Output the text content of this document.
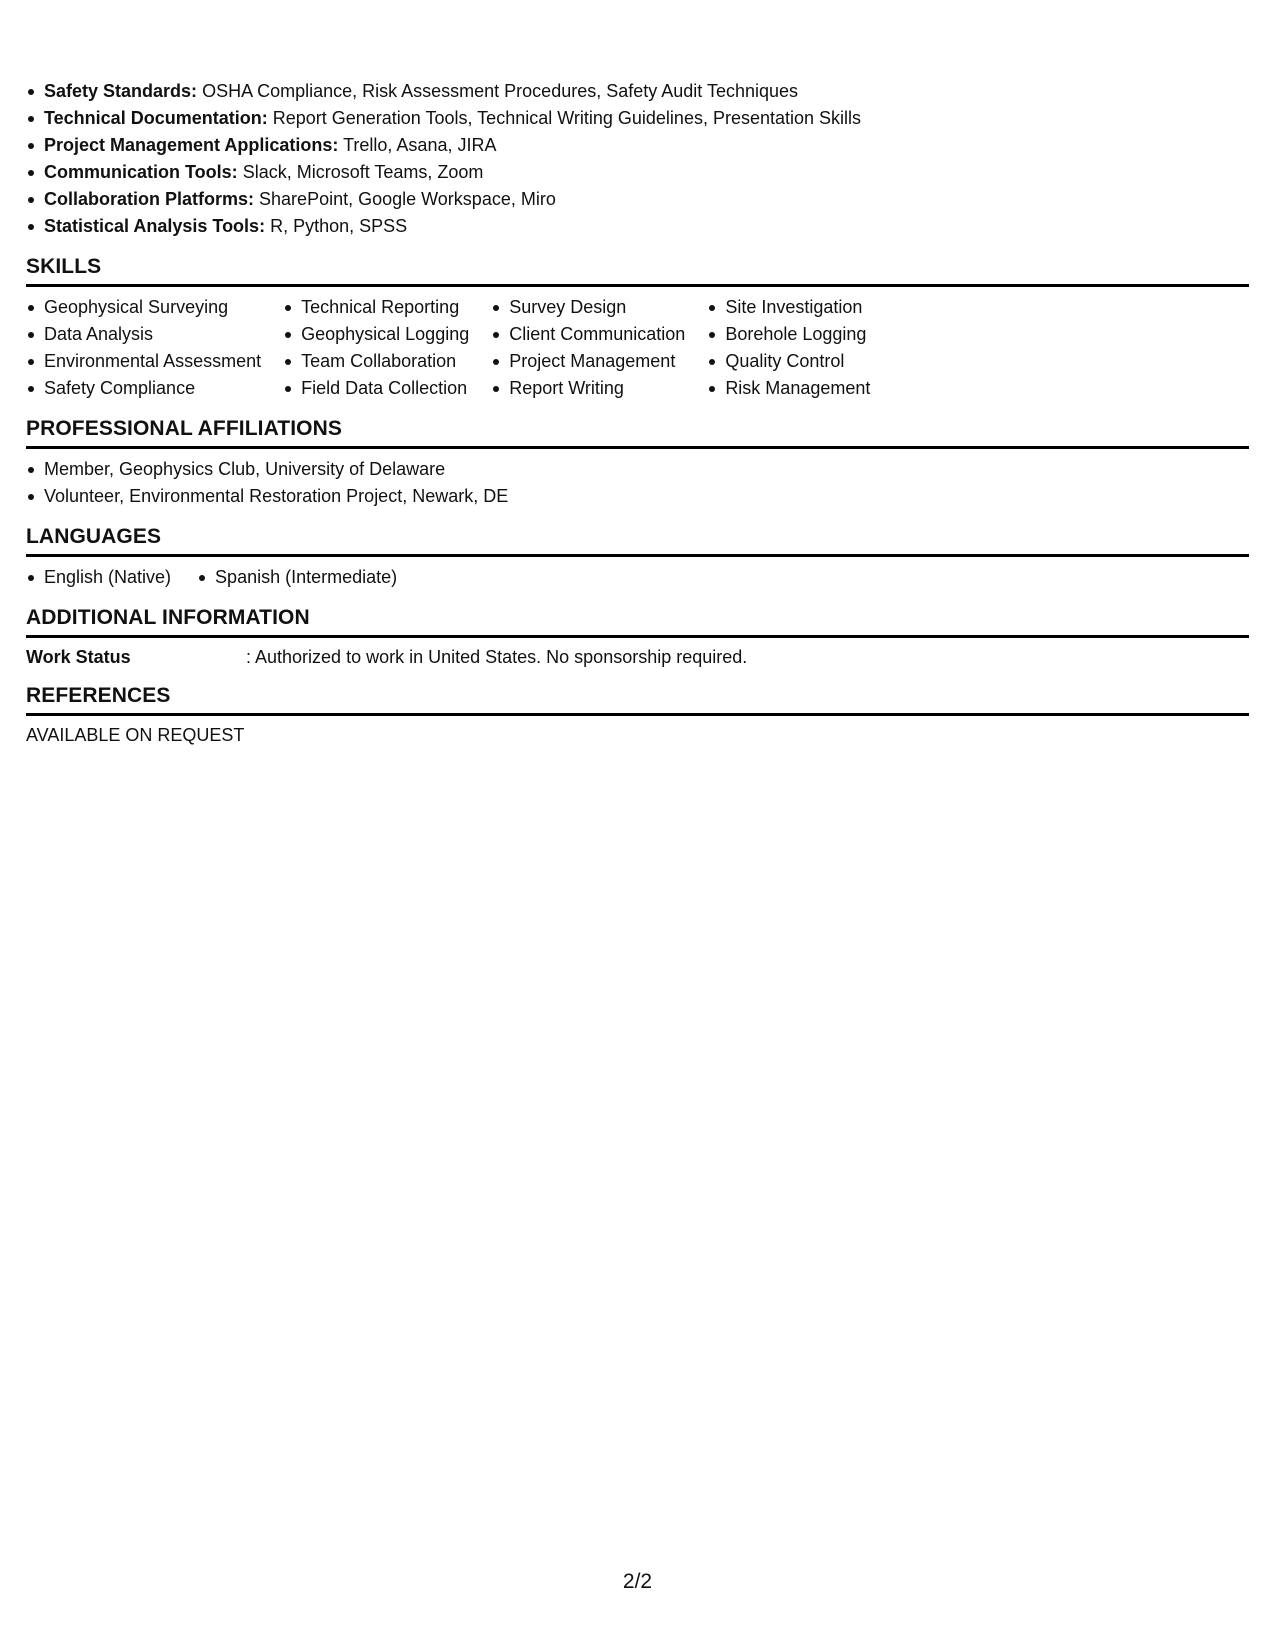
Safety Standards: OSHA Compliance, Risk Assessment Procedures, Safety Audit Techniques
Technical Documentation: Report Generation Tools, Technical Writing Guidelines, Presentation Skills
Project Management Applications: Trello, Asana, JIRA
Communication Tools: Slack, Microsoft Teams, Zoom
Collaboration Platforms: SharePoint, Google Workspace, Miro
Statistical Analysis Tools: R, Python, SPSS
SKILLS
Geophysical Surveying
Data Analysis
Environmental Assessment
Safety Compliance
Technical Reporting
Geophysical Logging
Team Collaboration
Field Data Collection
Survey Design
Client Communication
Project Management
Report Writing
Site Investigation
Borehole Logging
Quality Control
Risk Management
PROFESSIONAL AFFILIATIONS
Member, Geophysics Club, University of Delaware
Volunteer, Environmental Restoration Project, Newark, DE
LANGUAGES
English (Native)	Spanish (Intermediate)
ADDITIONAL INFORMATION
Work Status	: Authorized to work in United States. No sponsorship required.
REFERENCES
AVAILABLE ON REQUEST
2/2
